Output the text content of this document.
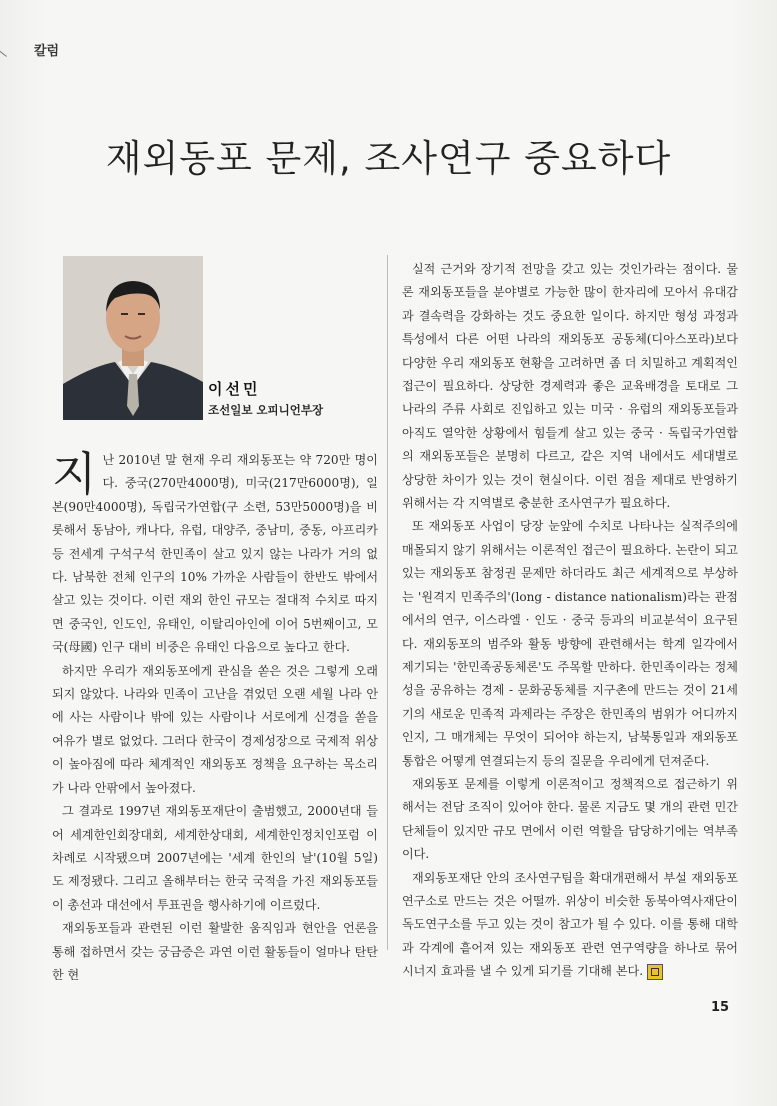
칼럼
재외동포 문제, 조사연구 중요하다
이선민
조선일보 오피니언부장

지난 2010년 말 현재 우리 재외동포는 약 720만 명이다. 중국(270만4000명), 미국(217만6000명), 일본(90만4000명), 독립국가연합(구 소련, 53만5000명)을 비롯해서 동남아, 캐나다, 유럽, 대양주, 중남미, 중동, 아프리카 등 전세계 구석구석 한민족이 살고 있지 않는 나라가 거의 없다. 남북한 전체 인구의 10% 가까운 사람들이 한반도 밖에서 살고 있는 것이다. 이런 재외 한인 규모는 절대적 수치로 따지면 중국인, 인도인, 유태인, 이탈리아인에 이어 5번째이고, 모국(母國) 인구 대비 비중은 유태인 다음으로 높다고 한다.

하지만 우리가 재외동포에게 관심을 쏟은 것은 그렇게 오래 되지 않았다. 나라와 민족이 고난을 겪었던 오랜 세월 나라 안에 사는 사람이나 밖에 있는 사람이나 서로에게 신경을 쏟을 여유가 별로 없었다. 그러다 한국이 경제성장으로 국제적 위상이 높아짐에 따라 체계적인 재외동포 정책을 요구하는 목소리가 나라 안팎에서 높아졌다.

그 결과로 1997년 재외동포재단이 출범했고, 2000년대 들어 세계한인회장대회, 세계한상대회, 세계한인정치인포럼 이 차례로 시작됐으며 2007년에는 '세계 한인의 날'(10월 5일)도 제정됐다. 그리고 올해부터는 한국 국적을 가진 재외동포들이 총선과 대선에서 투표권을 행사하기에 이르렀다.

재외동포들과 관련된 이런 활발한 움직임과 현안을 언론을 통해 접하면서 갖는 궁금증은 과연 이런 활동들이 얼마나 탄탄한 현

실적 근거와 장기적 전망을 갖고 있는 것인가라는 점이다. 물론 재외동포들을 분야별로 가능한 많이 한자리에 모아서 유대감과 결속력을 강화하는 것도 중요한 일이다. 하지만 형성 과정과 특성에서 다른 어떤 나라의 재외동포 공동체(디아스포라)보다 다양한 우리 재외동포 현황을 고려하면 좀 더 치밀하고 계획적인 접근이 필요하다. 상당한 경제력과 좋은 교육배경을 토대로 그 나라의 주류 사회로 진입하고 있는 미국 · 유럽의 재외동포들과 아직도 열악한 상황에서 힘들게 살고 있는 중국 · 독립국가연합의 재외동포들은 분명히 다르고, 같은 지역 내에서도 세대별로 상당한 차이가 있는 것이 현실이다. 이런 점을 제대로 반영하기 위해서는 각 지역별로 충분한 조사연구가 필요하다.

또 재외동포 사업이 당장 눈앞에 수치로 나타나는 실적주의에 매몰되지 않기 위해서는 이론적인 접근이 필요하다. 논란이 되고 있는 재외동포 참정권 문제만 하더라도 최근 세계적으로 부상하는 '원격지 민족주의'(long - distance nationalism)라는 관점에서의 연구, 이스라엘 · 인도 · 중국 등과의 비교분석이 요구된다. 재외동포의 범주와 활동 방향에 관련해서는 학계 일각에서 제기되는 '한민족공동체론'도 주목할 만하다. 한민족이라는 정체성을 공유하는 경제 - 문화공동체를 지구촌에 만드는 것이 21세기의 새로운 민족적 과제라는 주장은 한민족의 범위가 어디까지인지, 그 매개체는 무엇이 되어야 하는지, 남북통일과 재외동포 통합은 어떻게 연결되는지 등의 질문을 우리에게 던져준다.

재외동포 문제를 이렇게 이론적이고 정책적으로 접근하기 위해서는 전담 조직이 있어야 한다. 물론 지금도 몇 개의 관련 민간단체들이 있지만 규모 면에서 이런 역할을 담당하기에는 역부족이다.

재외동포재단 안의 조사연구팀을 확대개편해서 부설 재외동포연구소로 만드는 것은 어떨까. 위상이 비슷한 동북아역사재단이 독도연구소를 두고 있는 것이 참고가 될 수 있다. 이를 통해 대학과 각계에 흩어져 있는 재외동포 관련 연구역량을 하나로 묶어 시너지 효과를 낼 수 있게 되기를 기대해 본다.

15
